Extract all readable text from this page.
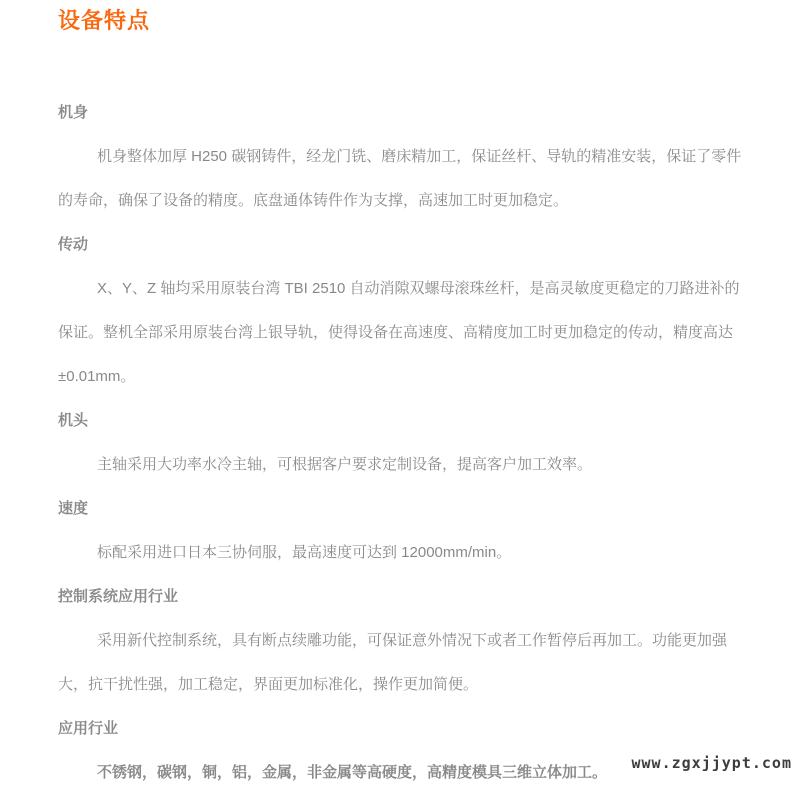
设备特点
机身

机身整体加厚 H250 碳钢铸件，经龙门铣、磨床精加工，保证丝杆、导轨的精准安装，保证了零件的寿命，确保了设备的精度。底盘通体铸件作为支撑，高速加工时更加稳定。

传动

X、Y、Z 轴均采用原装台湾 TBI 2510 自动消隙双螺母滚珠丝杆，是高灵敏度更稳定的刀路进补的保证。整机全部采用原装台湾上银导轨，使得设备在高速度、高精度加工时更加稳定的传动，精度高达±0.01mm。

机头

主轴采用大功率水冷主轴，可根据客户要求定制设备，提高客户加工效率。

速度

标配采用进口日本三协伺服，最高速度可达到 12000mm/min。

控制系统应用行业

采用新代控制系统，具有断点续雕功能，可保证意外情况下或者工作暂停后再加工。功能更加强大，抗干扰性强，加工稳定，界面更加标准化，操作更加简便。

应用行业

不锈钢，碳钢，铜，铝，金属，非金属等高硬度，高精度模具三维立体加工。

www.zgxjjypt.com
